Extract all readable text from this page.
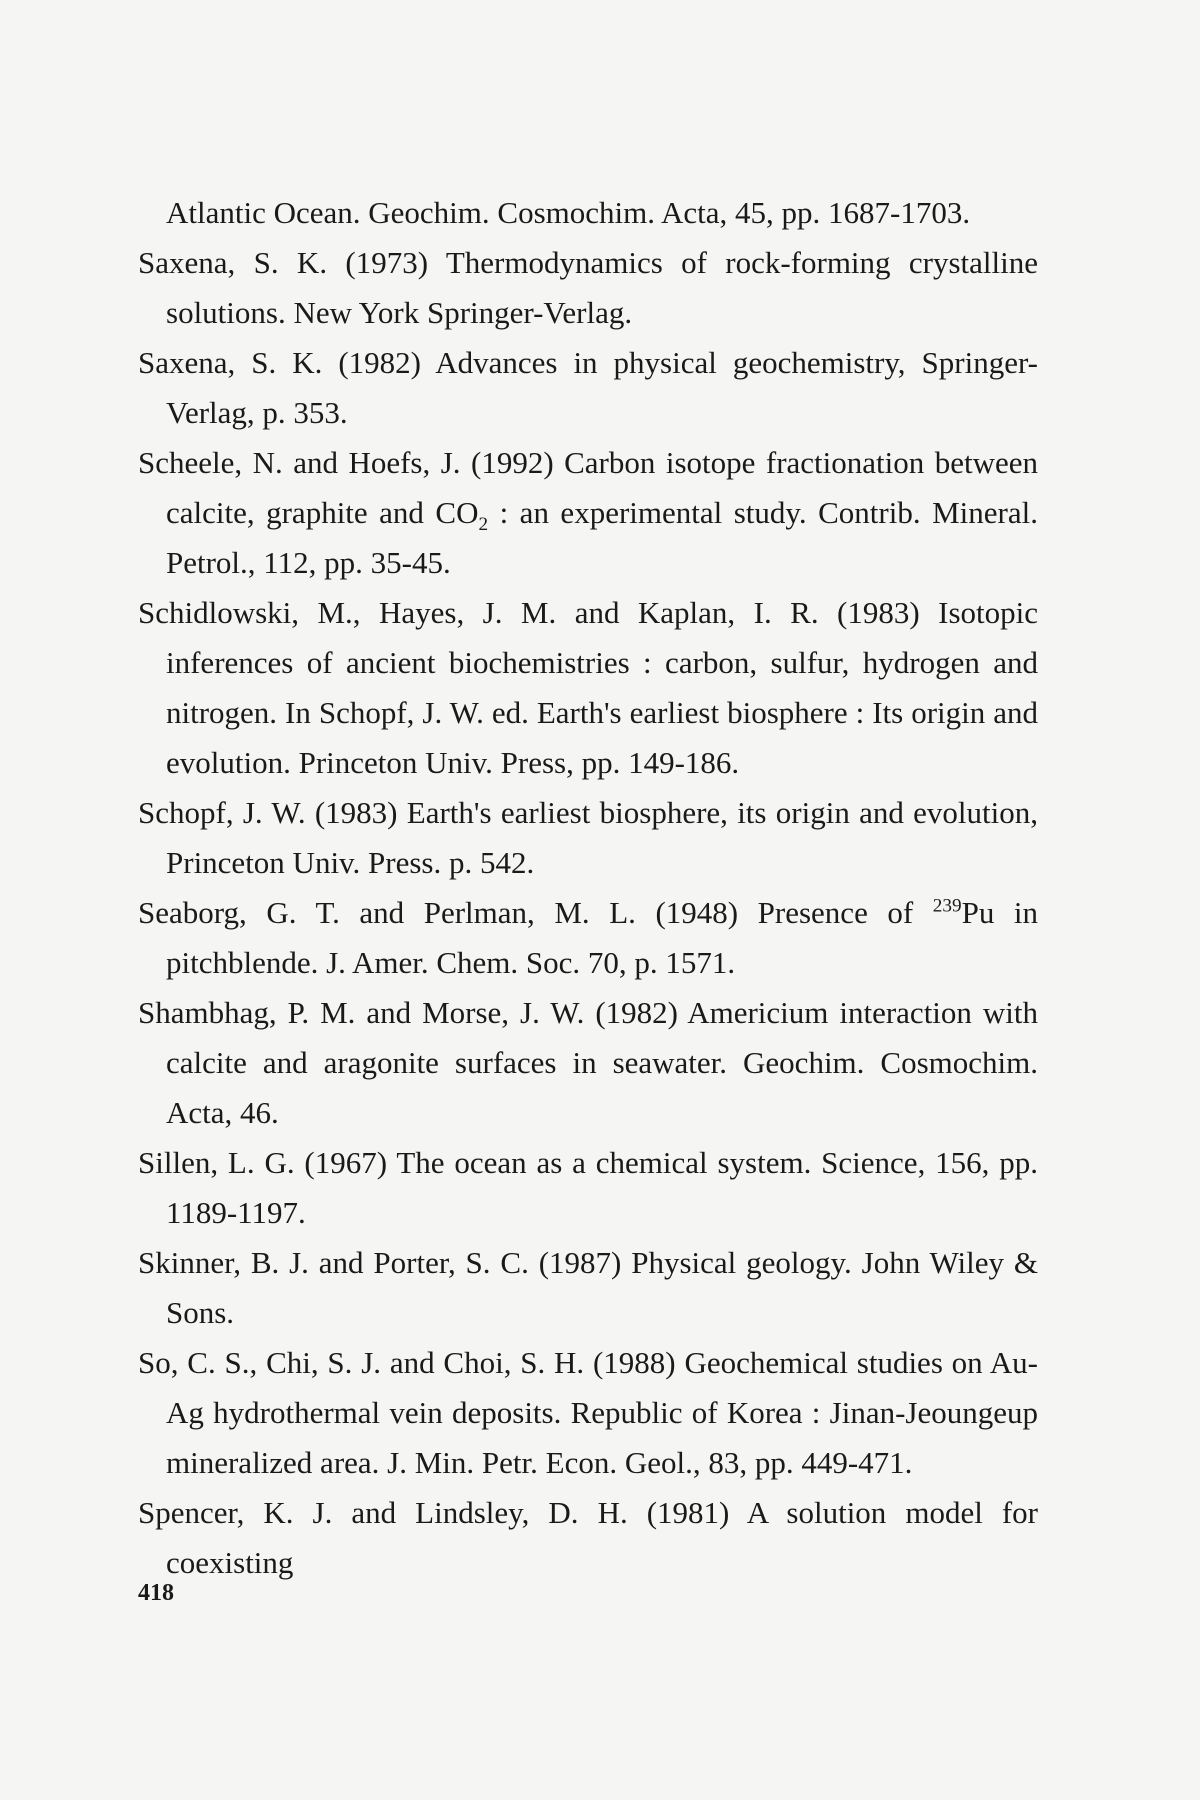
Atlantic Ocean. Geochim. Cosmochim. Acta, 45, pp. 1687-1703.

Saxena, S. K. (1973) Thermodynamics of rock-forming crystalline solutions. New York Springer-Verlag.

Saxena, S. K. (1982) Advances in physical geochemistry, Springer-Verlag, p. 353.

Scheele, N. and Hoefs, J. (1992) Carbon isotope fractionation between calcite, graphite and $CO_2$ : an experimental study. Contrib. Mineral. Petrol., 112, pp. 35-45.

Schidlowski, M., Hayes, J. M. and Kaplan, I. R. (1983) Isotopic inferences of ancient biochemistries : carbon, sulfur, hydrogen and nitrogen. In Schopf, J. W. ed. Earth's earliest biosphere : Its origin and evolution. Princeton Univ. Press, pp. 149-186.

Schopf, J. W. (1983) Earth's earliest biosphere, its origin and evolution, Princeton Univ. Press. p. 542.

Seaborg, G. T. and Perlman, M. L. (1948) Presence of $^{239}$Pu in pitchblende. J. Amer. Chem. Soc. 70, p. 1571.

Shambhag, P. M. and Morse, J. W. (1982) Americium interaction with calcite and aragonite surfaces in seawater. Geochim. Cosmochim. Acta, 46.

Sillen, L. G. (1967) The ocean as a chemical system. Science, 156, pp. 1189-1197.

Skinner, B. J. and Porter, S. C. (1987) Physical geology. John Wiley & Sons.

So, C. S., Chi, S. J. and Choi, S. H. (1988) Geochemical studies on Au-Ag hydrothermal vein deposits. Republic of Korea : Jinan-Jeoungeup mineralized area. J. Min. Petr. Econ. Geol., 83, pp. 449-471.

Spencer, K. J. and Lindsley, D. H. (1981) A solution model for coexisting

418
